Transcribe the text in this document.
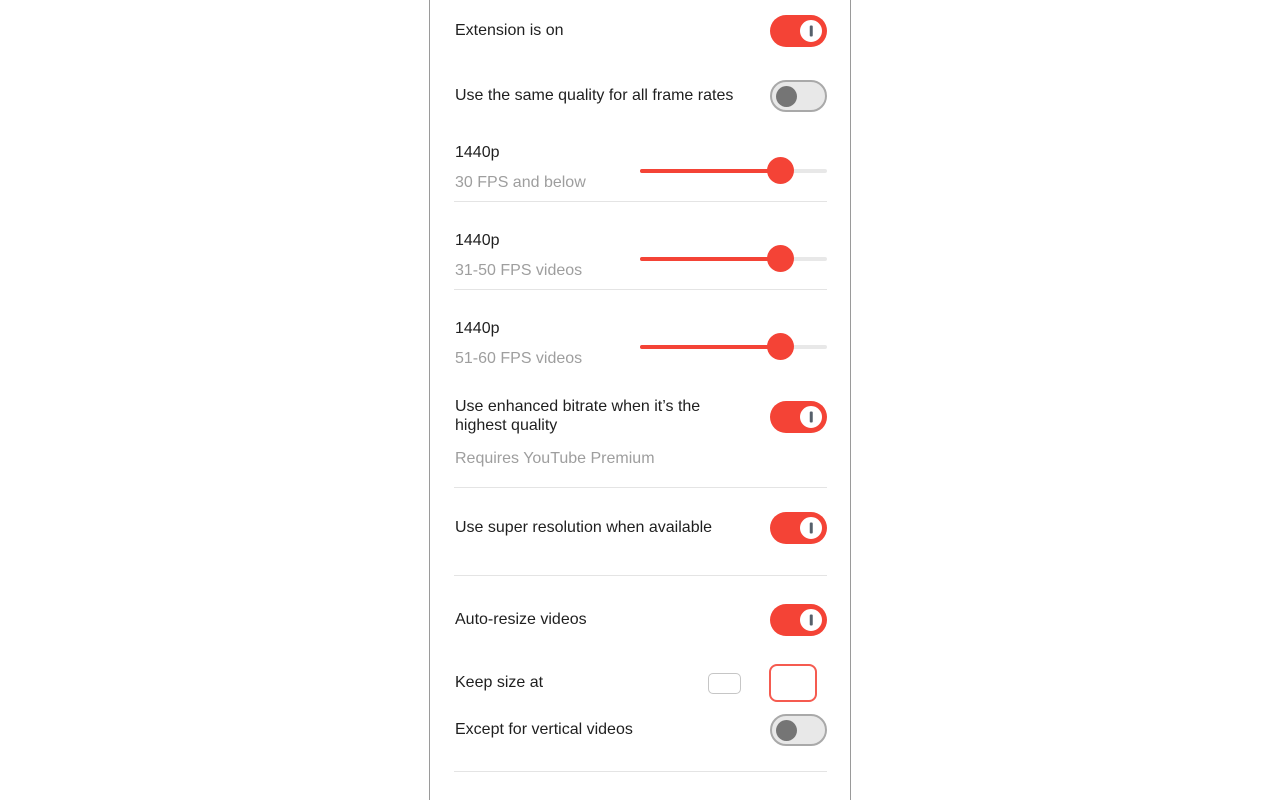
Extension is on
Use the same quality for all frame rates
1440p
30 FPS and below
1440p
31-50 FPS videos
1440p
51-60 FPS videos
Use enhanced bitrate when it’s the highest quality
Requires YouTube Premium
Use super resolution when available
Auto-resize videos
Keep size at
Except for vertical videos
